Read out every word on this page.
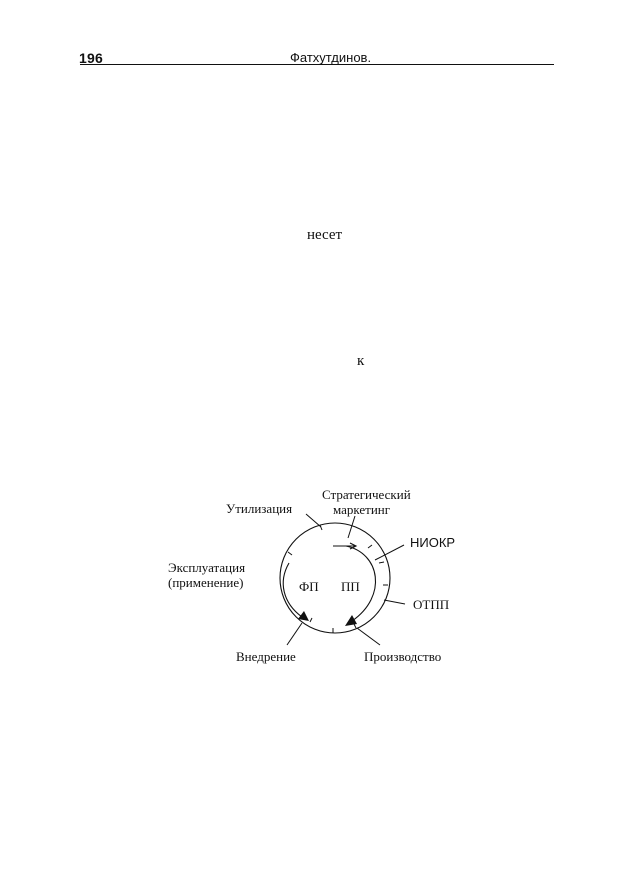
196	Фатхутдинов.
несет
к
Стратегический
маркетинг
Утилизация
НИОКР
Эксплуатация
(применение)
ОТПП
Внедрение	Производство
ФП ПП
